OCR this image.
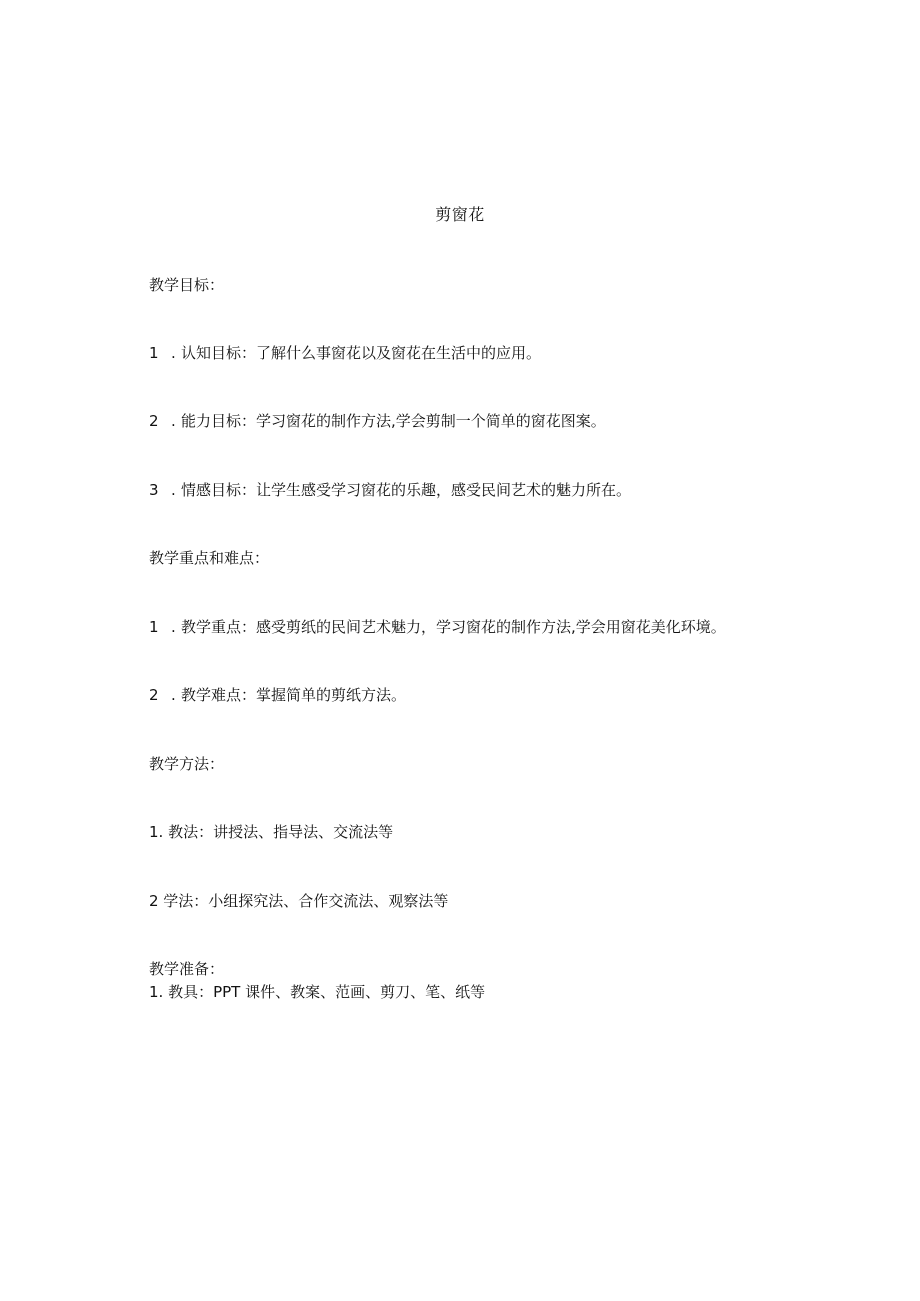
剪窗花
教学目标：
1 . 认知目标：了解什么事窗花以及窗花在生活中的应用。
2 . 能力目标：学习窗花的制作方法,学会剪制一个简单的窗花图案。
3 . 情感目标：让学生感受学习窗花的乐趣，感受民间艺术的魅力所在。
教学重点和难点：
1 . 教学重点：感受剪纸的民间艺术魅力，学习窗花的制作方法,学会用窗花美化环境。
2 . 教学难点：掌握简单的剪纸方法。
教学方法：
1. 教法：讲授法、指导法、交流法等
2 学法：小组探究法、合作交流法、观察法等
教学准备：
1. 教具：PPT 课件、教案、范画、剪刀、笔、纸等
